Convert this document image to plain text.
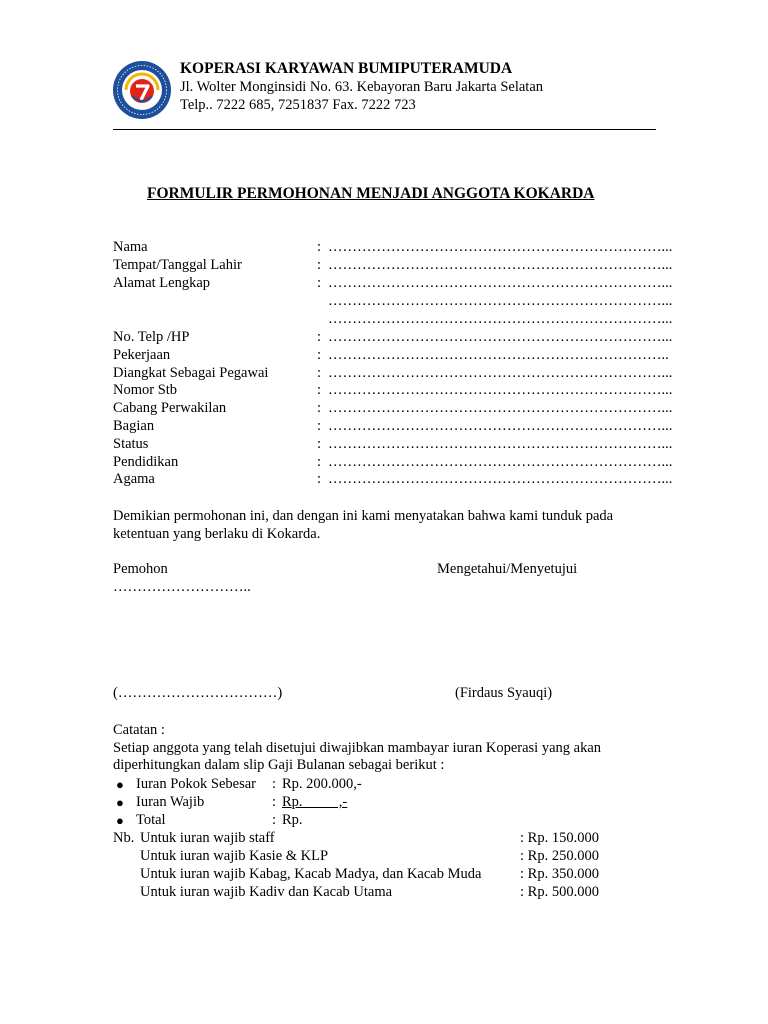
KOPERASI KARYAWAN BUMIPUTERAMUDA
Jl. Wolter Monginsidi No. 63. Kebayoran Baru Jakarta Selatan
Telp.. 7222 685, 7251837 Fax. 7222 723
FORMULIR PERMOHONAN MENJADI ANGGOTA KOKARDA
Nama	: ……………………………………………………………...
Tempat/Tanggal Lahir	: ……………………………………………………………...
Alamat Lengkap	: ……………………………………………………………...
……………………………………………………………...
……………………………………………………………...
No. Telp /HP	: ……………………………………………………………...
Pekerjaan	: ……………………………………………………………..
Diangkat Sebagai Pegawai	: ……………………………………………………………...
Nomor Stb	: ……………………………………………………………...
Cabang Perwakilan	: ……………………………………………………………...
Bagian	: ……………………………………………………………...
Status	: ……………………………………………………………...
Pendidikan	: ……………………………………………………………...
Agama	: ……………………………………………………………...
Demikian permohonan ini, dan dengan ini kami menyatakan bahwa kami tunduk pada
ketentuan yang berlaku di Kokarda.
Pemohon	Mengetahui/Menyetujui
………………………..
(……………………………)	(Firdaus Syauqi)
Catatan :
Setiap anggota yang telah disetujui diwajibkan mambayar iuran Koperasi yang akan
diperhitungkan dalam slip Gaji Bulanan sebagai berikut :
● Iuran Pokok Sebesar : Rp. 200.000,-
● Iuran Wajib	: Rp.          ,-
● Total	: Rp.
Nb. Untuk iuran wajib staff	: Rp. 150.000
Untuk iuran wajib Kasie & KLP	: Rp. 250.000
Untuk iuran wajib Kabag, Kacab Madya, dan Kacab Muda	: Rp. 350.000
Untuk iuran wajib Kadiv dan Kacab Utama	: Rp. 500.000
